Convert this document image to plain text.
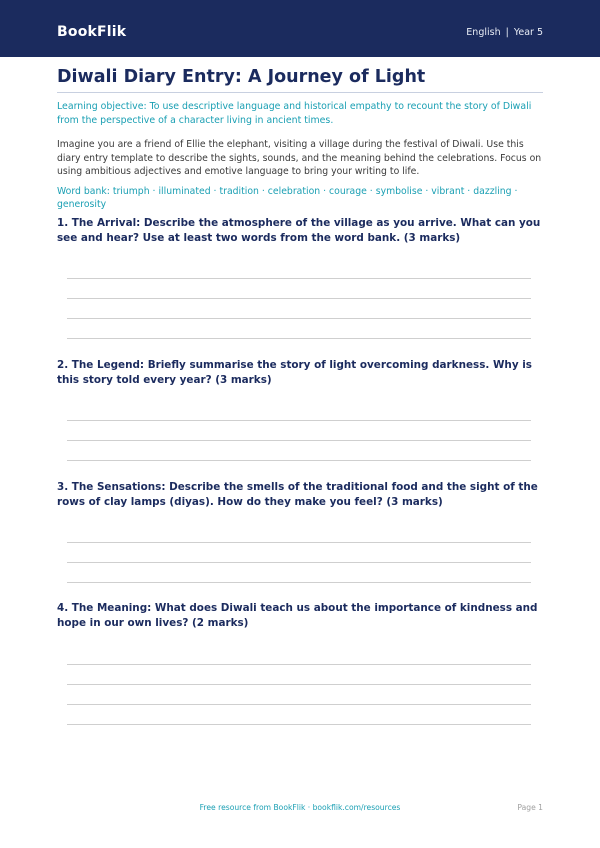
BookFlik	English | Year 5
Diwali Diary Entry: A Journey of Light
Learning objective: To use descriptive language and historical empathy to recount the story of Diwali from the perspective of a character living in ancient times.
Imagine you are a friend of Ellie the elephant, visiting a village during the festival of Diwali. Use this diary entry template to describe the sights, sounds, and the meaning behind the celebrations. Focus on using ambitious adjectives and emotive language to bring your writing to life.
Word bank: triumph · illuminated · tradition · celebration · courage · symbolise · vibrant · dazzling · generosity
1. The Arrival: Describe the atmosphere of the village as you arrive. What can you see and hear? Use at least two words from the word bank. (3 marks)
2. The Legend: Briefly summarise the story of light overcoming darkness. Why is this story told every year? (3 marks)
3. The Sensations: Describe the smells of the traditional food and the sight of the rows of clay lamps (diyas). How do they make you feel? (3 marks)
4. The Meaning: What does Diwali teach us about the importance of kindness and hope in our own lives? (2 marks)
Free resource from BookFlik · bookflik.com/resources	Page 1
